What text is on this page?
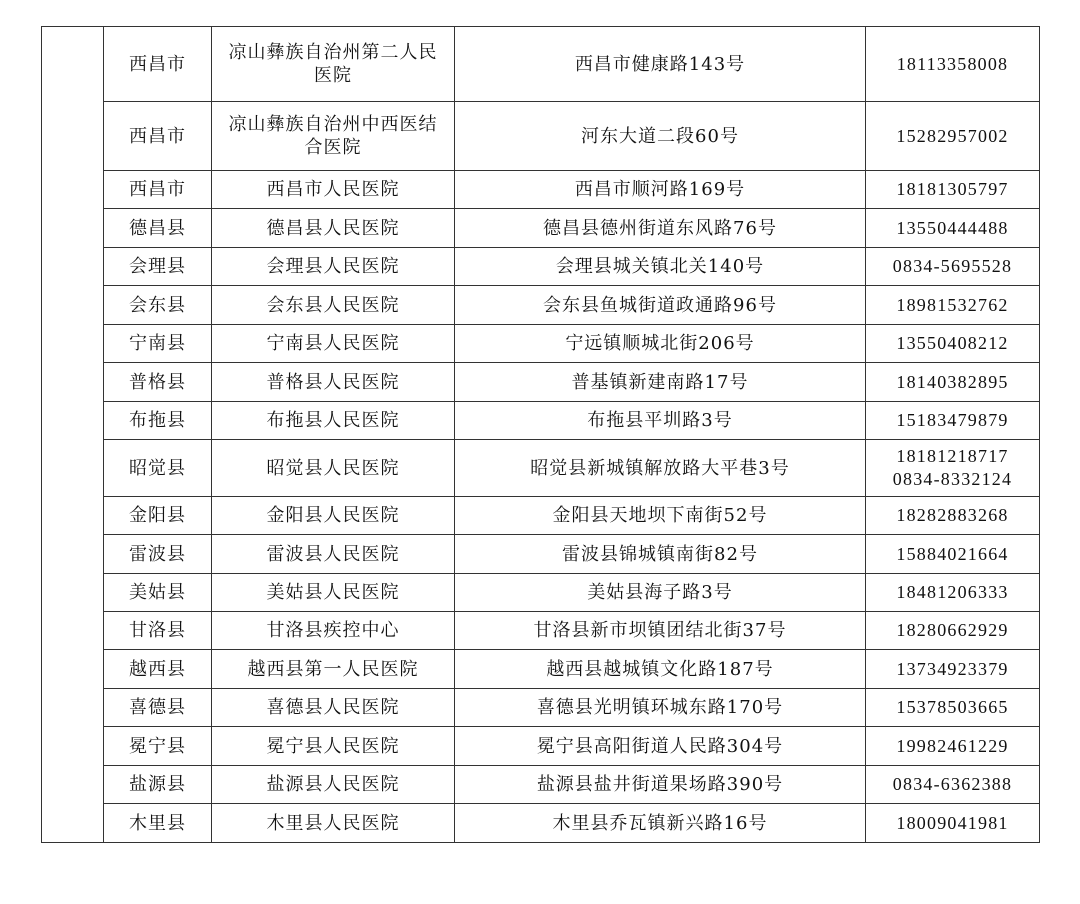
	西昌市	凉山彝族自治州第二人民医院	西昌市健康路143号	18113358008

	西昌市	凉山彝族自治州中西医结合医院	河东大道二段60号	15282957002

	西昌市	西昌市人民医院	西昌市顺河路169号	18181305797

	德昌县	德昌县人民医院	德昌县德州街道东风路76号	13550444488

	会理县	会理县人民医院	会理县城关镇北关140号	0834-5695528

	会东县	会东县人民医院	会东县鱼城街道政通路96号	18981532762

	宁南县	宁南县人民医院	宁远镇顺城北街206号	13550408212

	普格县	普格县人民医院	普基镇新建南路17号	18140382895

	布拖县	布拖县人民医院	布拖县平圳路3号	15183479879

	昭觉县	昭觉县人民医院	昭觉县新城镇解放路大平巷3号	18181218717
0834-8332124

	金阳县	金阳县人民医院	金阳县天地坝下南街52号	18282883268

	雷波县	雷波县人民医院	雷波县锦城镇南街82号	15884021664

	美姑县	美姑县人民医院	美姑县海子路3号	18481206333

	甘洛县	甘洛县疾控中心	甘洛县新市坝镇团结北街37号	18280662929

	越西县	越西县第一人民医院	越西县越城镇文化路187号	13734923379

	喜德县	喜德县人民医院	喜德县光明镇环城东路170号	15378503665

	冕宁县	冕宁县人民医院	冕宁县高阳街道人民路304号	19982461229

	盐源县	盐源县人民医院	盐源县盐井街道果场路390号	0834-6362388

	木里县	木里县人民医院	木里县乔瓦镇新兴路16号	18009041981
